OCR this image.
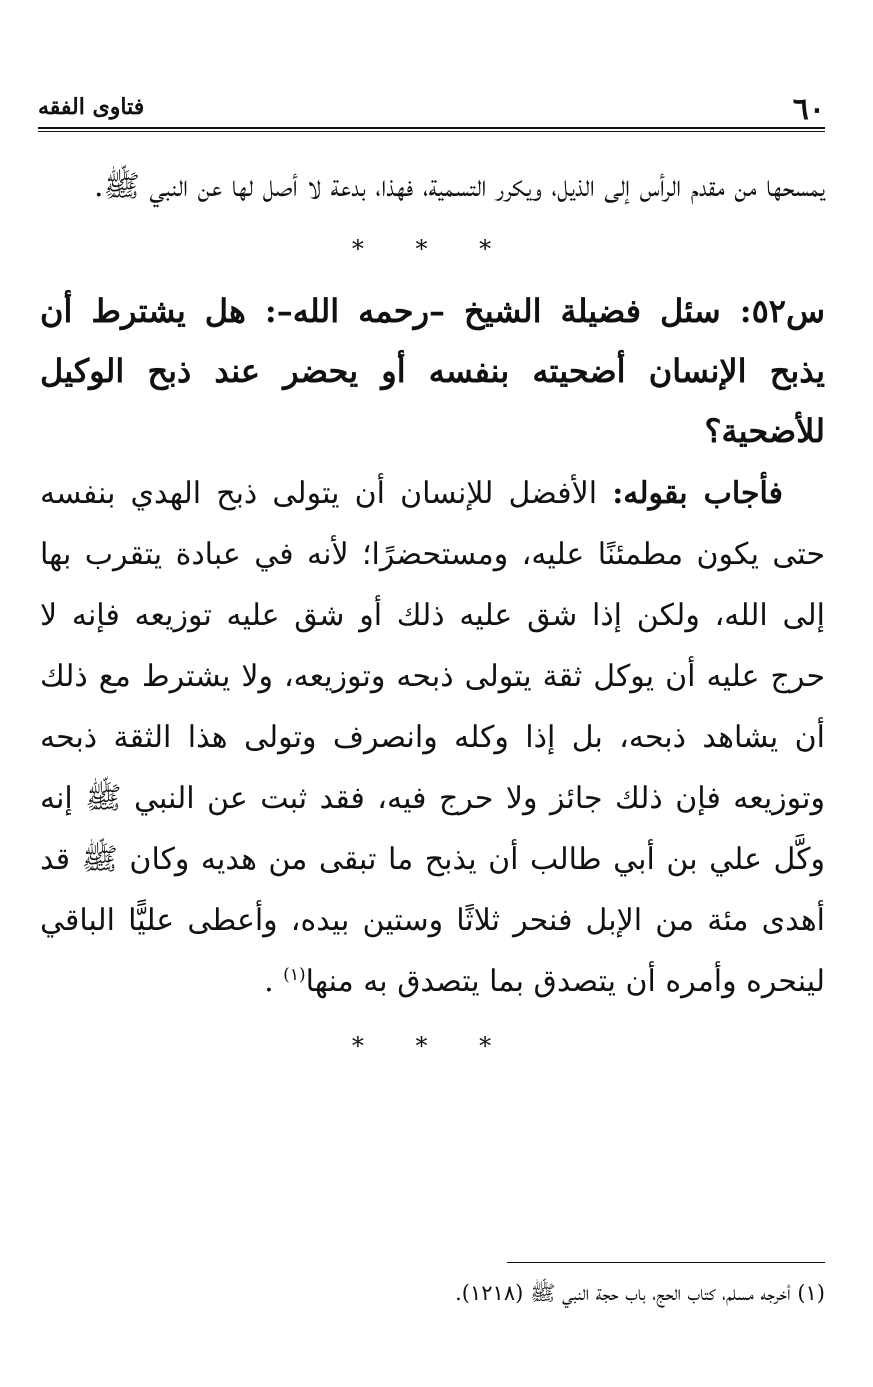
٦٠
فتاوى الفقه

يمسحها من مقدم الرأس إلى الذيل، ويكرر التسمية، فهذا، بدعة لا أصل لها عن النبي ﷺ.

* * *

س٥٢: سئل فضيلة الشيخ –رحمه الله–: هل يشترط أن يذبح الإنسان أضحيته بنفسه أو يحضر عند ذبح الوكيل للأضحية؟

فأجاب بقوله: الأفضل للإنسان أن يتولى ذبح الهدي بنفسه حتى يكون مطمئنًا عليه، ومستحضرًا؛ لأنه في عبادة يتقرب بها إلى الله، ولكن إذا شق عليه ذلك أو شق عليه توزيعه فإنه لا حرج عليه أن يوكل ثقة يتولى ذبحه وتوزيعه، ولا يشترط مع ذلك أن يشاهد ذبحه، بل إذا وكله وانصرف وتولى هذا الثقة ذبحه وتوزيعه فإن ذلك جائز ولا حرج فيه، فقد ثبت عن النبي ﷺ إنه وكَّل علي بن أبي طالب أن يذبح ما تبقى من هديه وكان ﷺ قد أهدى مئة من الإبل فنحر ثلاثًا وستين بيده، وأعطى عليًّا الباقي لينحره وأمره أن يتصدق بما يتصدق به منها$^{(١)}$ .

* * *
(١) أخرجه مسلم، كتاب الحج، باب حجة النبي ﷺ (١٢١٨).
